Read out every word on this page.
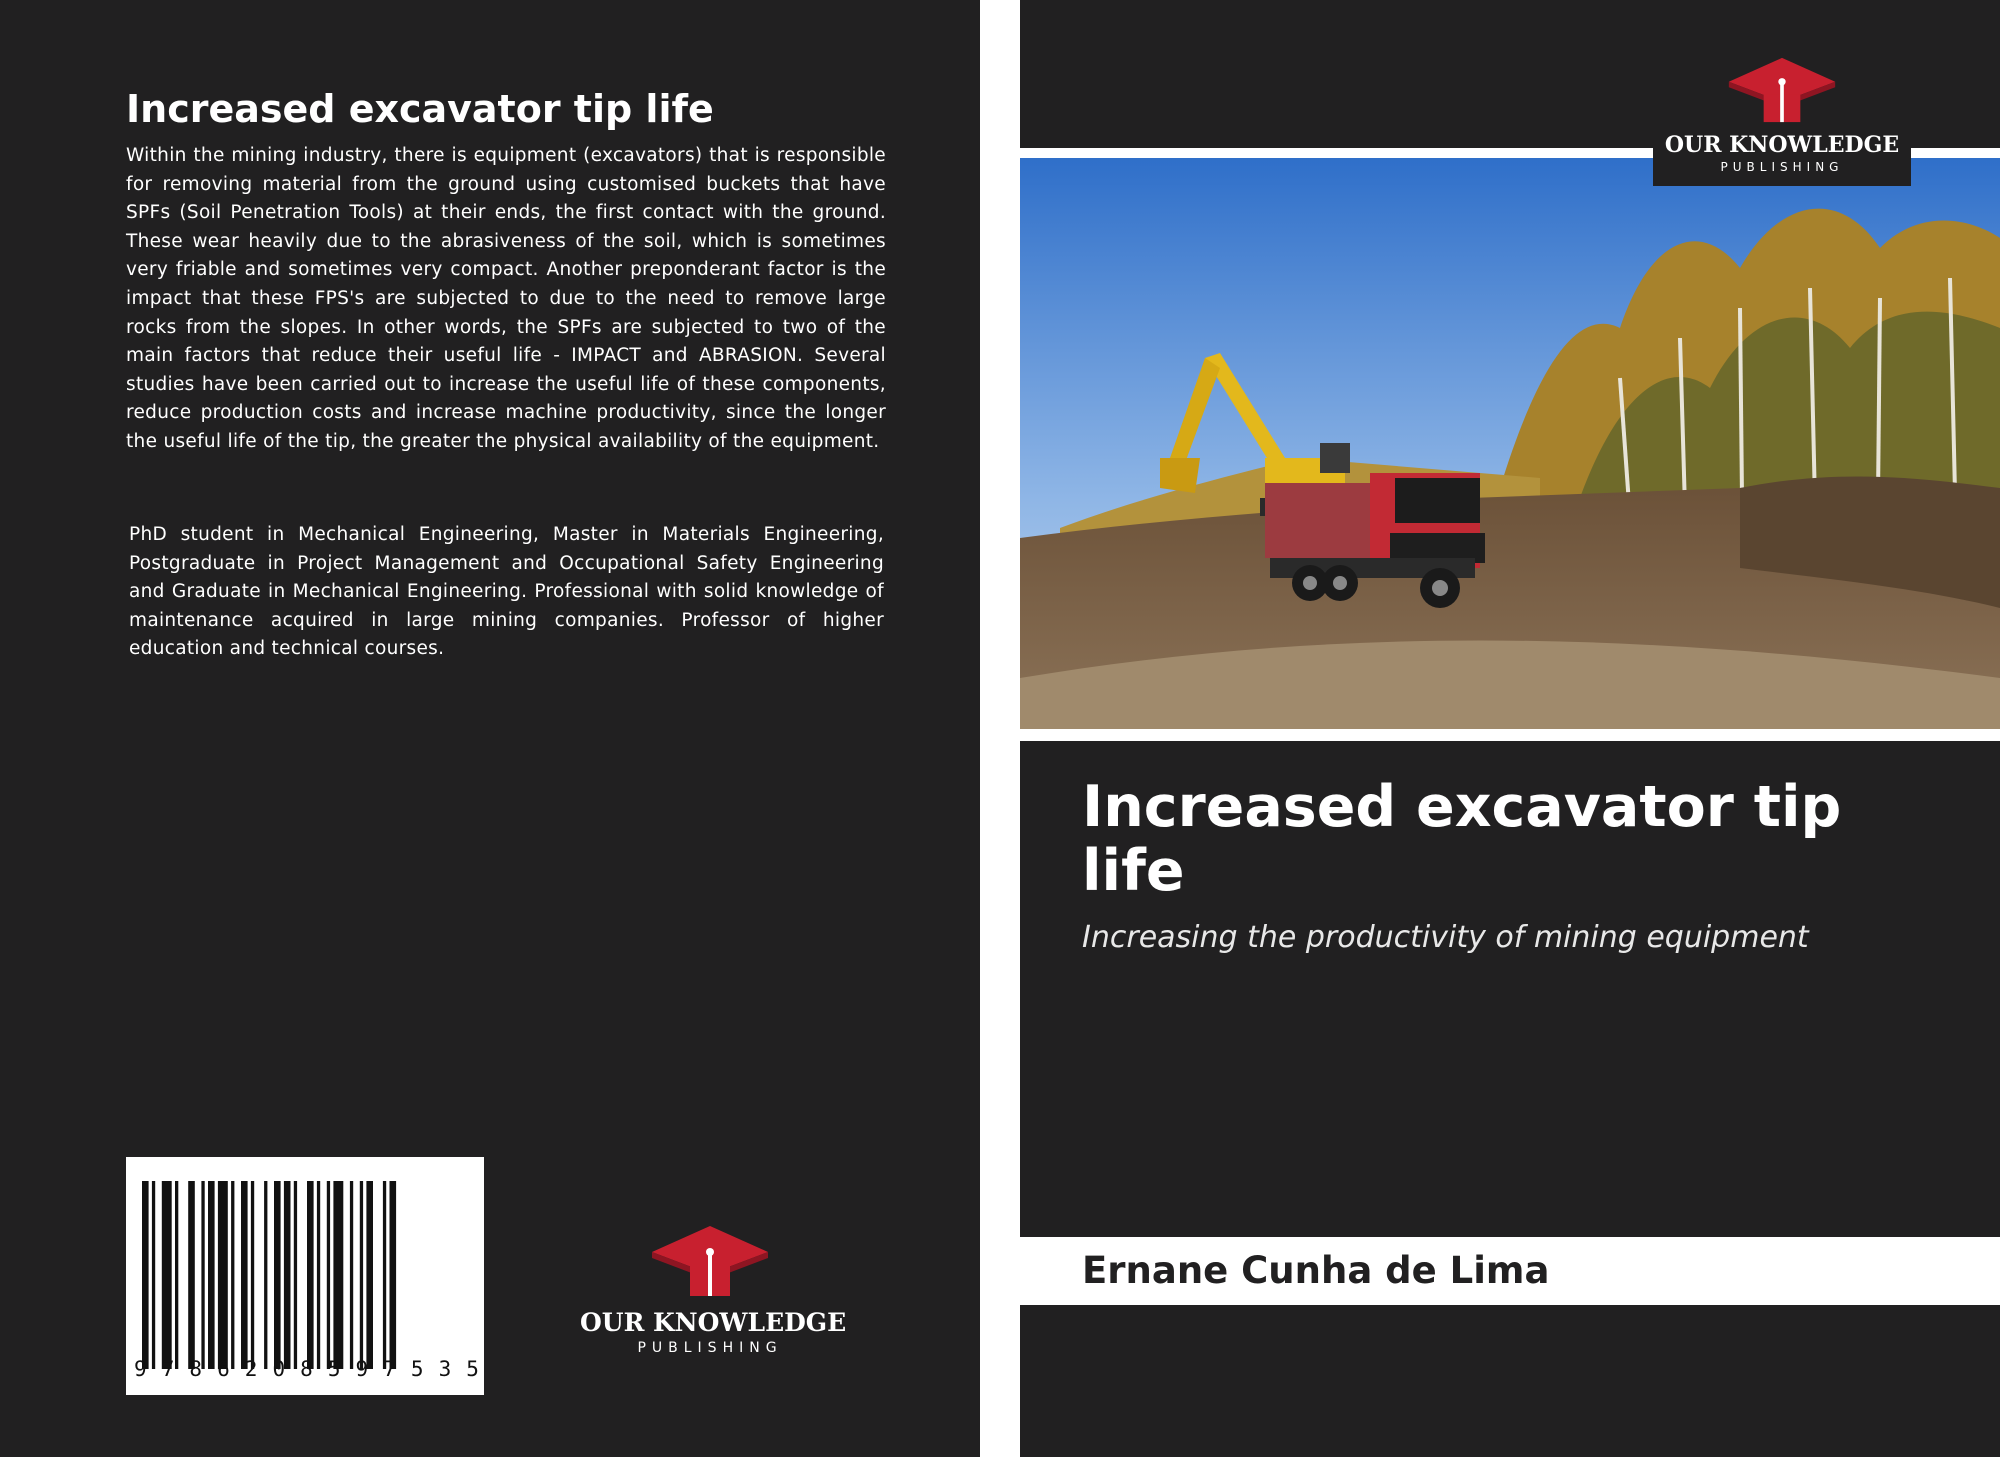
Increased excavator tip life
Within the mining industry, there is equipment (excavators) that is responsible for removing material from the ground using customised buckets that have SPFs (Soil Penetration Tools) at their ends, the first contact with the ground. These wear heavily due to the abrasiveness of the soil, which is sometimes very friable and sometimes very compact. Another preponderant factor is the impact that these FPS's are subjected to due to the need to remove large rocks from the slopes. In other words, the SPFs are subjected to two of the main factors that reduce their useful life - IMPACT and ABRASION. Several studies have been carried out to increase the useful life of these components, reduce production costs and increase machine productivity, since the longer the useful life of the tip, the greater the physical availability of the equipment.
PhD student in Mechanical Engineering, Master in Materials Engineering, Postgraduate in Project Management and Occupational Safety Engineering and Graduate in Mechanical Engineering. Professional with solid knowledge of maintenance acquired in large mining companies. Professor of higher education and technical courses.
9 7 8 6 2 0 8 5 9 7 5 3 5
OUR KNOWLEDGE
PUBLISHING
OUR KNOWLEDGE
PUBLISHING
Increased excavator tip life
Increasing the productivity of mining equipment
Ernane Cunha de Lima
